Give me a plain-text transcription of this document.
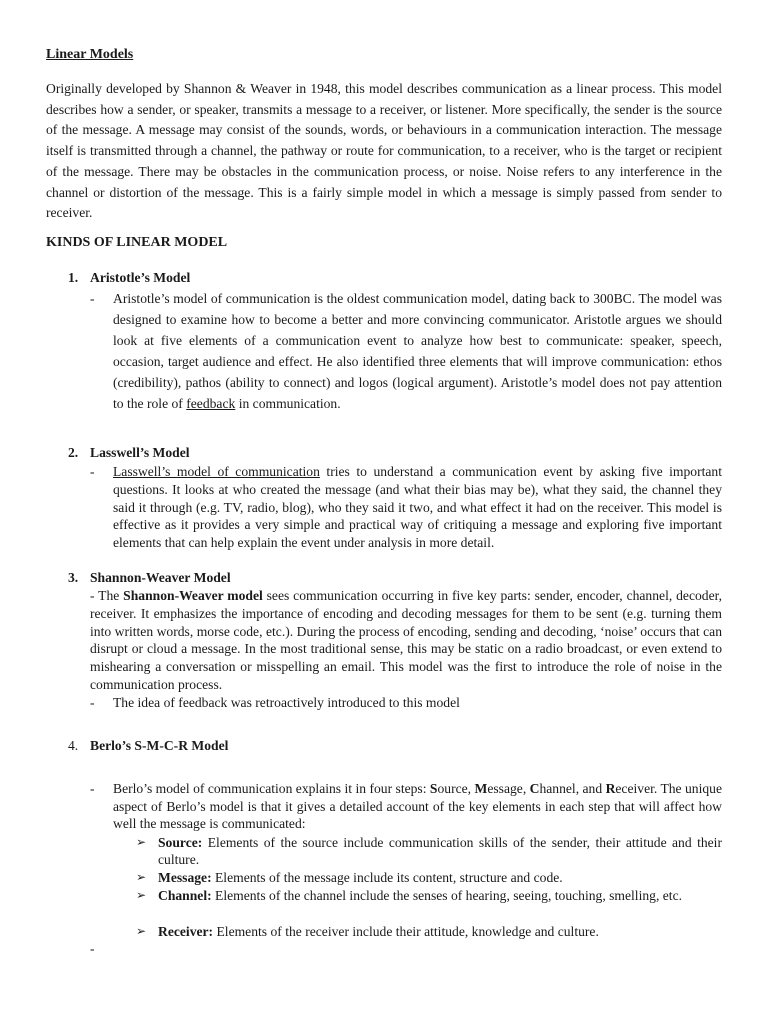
Linear Models
Originally developed by Shannon & Weaver in 1948, this model describes communication as a linear process. This model describes how a sender, or speaker, transmits a message to a receiver, or listener. More specifically, the sender is the source of the message. A message may consist of the sounds, words, or behaviours in a communication interaction. The message itself is transmitted through a channel, the pathway or route for communication, to a receiver, who is the target or recipient of the message. There may be obstacles in the communication process, or noise. Noise refers to any interference in the channel or distortion of the message. This is a fairly simple model in which a message is simply passed from sender to receiver.
KINDS OF LINEAR MODEL
1. Aristotle’s Model
- Aristotle’s model of communication is the oldest communication model, dating back to 300BC. The model was designed to examine how to become a better and more convincing communicator. Aristotle argues we should look at five elements of a communication event to analyze how best to communicate: speaker, speech, occasion, target audience and effect. He also identified three elements that will improve communication: ethos (credibility), pathos (ability to connect) and logos (logical argument). Aristotle’s model does not pay attention to the role of feedback in communication.
2. Lasswell’s Model
- Lasswell’s model of communication tries to understand a communication event by asking five important questions. It looks at who created the message (and what their bias may be), what they said, the channel they said it through (e.g. TV, radio, blog), who they said it two, and what effect it had on the receiver. This model is effective as it provides a very simple and practical way of critiquing a message and exploring five important elements that can help explain the event under analysis in more detail.
3. Shannon-Weaver Model
- The Shannon-Weaver model sees communication occurring in five key parts: sender, encoder, channel, decoder, receiver. It emphasizes the importance of encoding and decoding messages for them to be sent (e.g. turning them into written words, morse code, etc.). During the process of encoding, sending and decoding, ‘noise’ occurs that can disrupt or cloud a message. In the most traditional sense, this may be static on a radio broadcast, or even extend to mishearing a conversation or misspelling an email. This model was the first to introduce the role of noise in the communication process.
- The idea of feedback was retroactively introduced to this model
4. Berlo’s S-M-C-R Model
- Berlo’s model of communication explains it in four steps: Source, Message, Channel, and Receiver. The unique aspect of Berlo’s model is that it gives a detailed account of the key elements in each step that will affect how well the message is communicated:
➢ Source: Elements of the source include communication skills of the sender, their attitude and their culture.
➢ Message: Elements of the message include its content, structure and code.
➢ Channel: Elements of the channel include the senses of hearing, seeing, touching, smelling, etc.
➢ Receiver: Elements of the receiver include their attitude, knowledge and culture.
-
